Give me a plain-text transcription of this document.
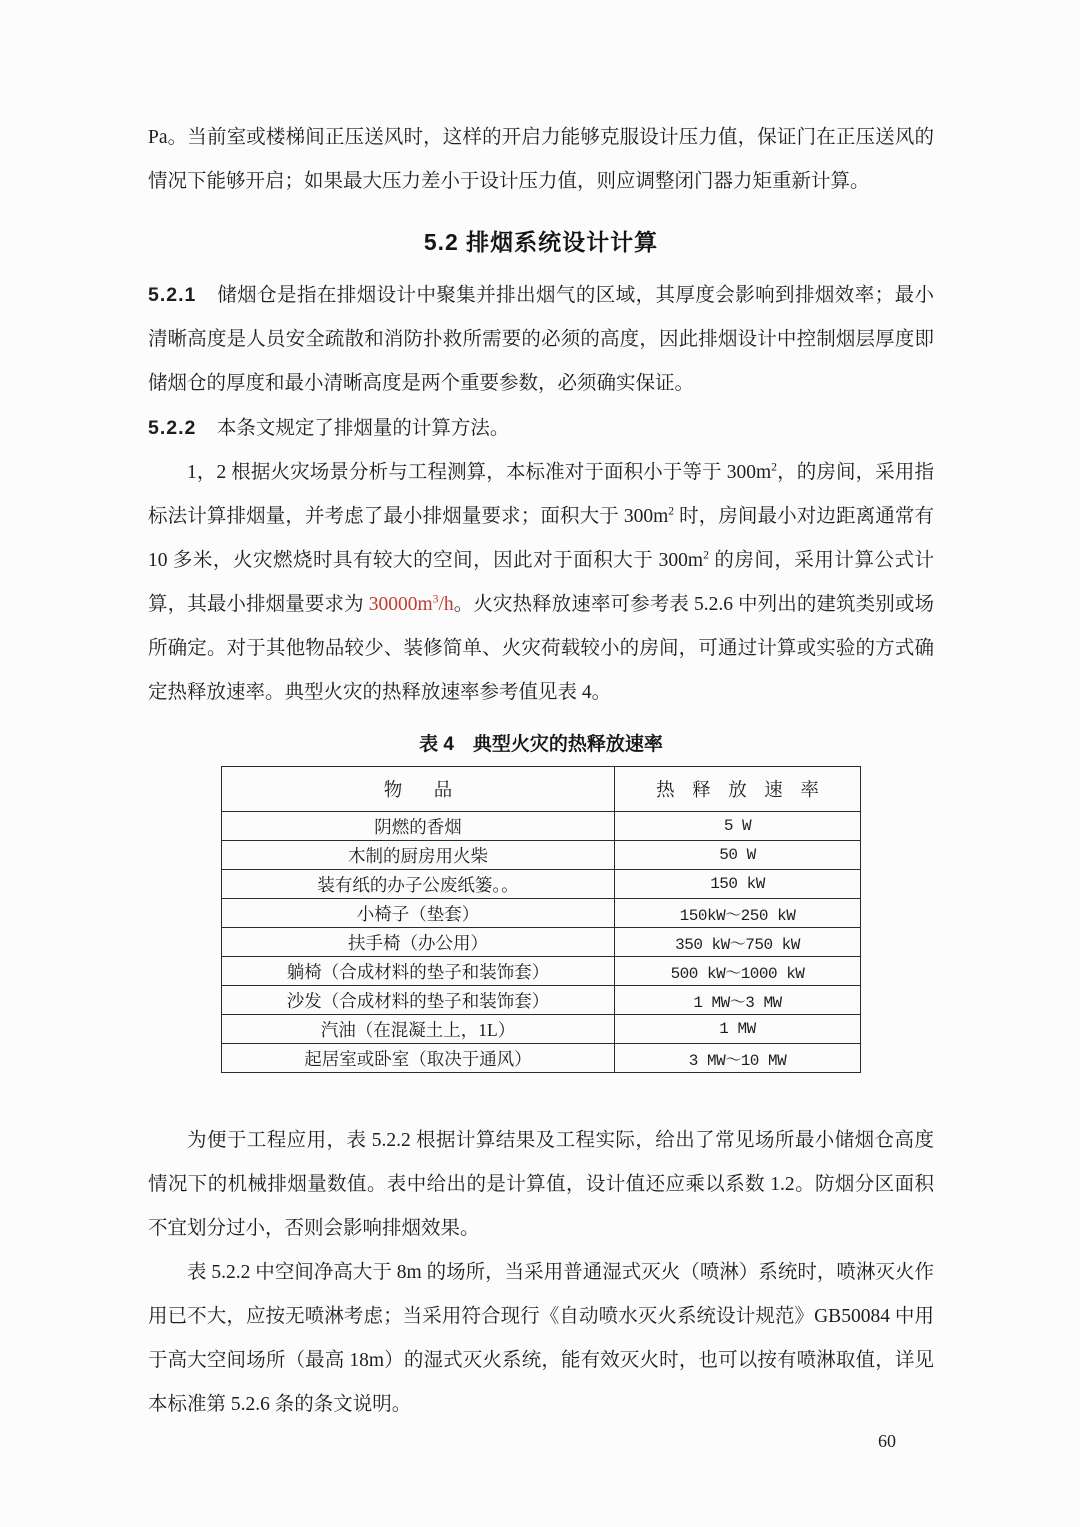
Pa。当前室或楼梯间正压送风时，这样的开启力能够克服设计压力值，保证门在正压送风的情况下能够开启；如果最大压力差小于设计压力值，则应调整闭门器力矩重新计算。

5.2 排烟系统设计计算

5.2.1 储烟仓是指在排烟设计中聚集并排出烟气的区域，其厚度会影响到排烟效率；最小清晰高度是人员安全疏散和消防扑救所需要的必须的高度，因此排烟设计中控制烟层厚度即储烟仓的厚度和最小清晰高度是两个重要参数，必须确实保证。

5.2.2 本条文规定了排烟量的计算方法。

1，2 根据火灾场景分析与工程测算，本标准对于面积小于等于 $300m^2$，的房间，采用指标法计算排烟量，并考虑了最小排烟量要求；面积大于 $300m^2$ 时，房间最小对边距离通常有 10 多米，火灾燃烧时具有较大的空间，因此对于面积大于 $300m^2$ 的房间，采用计算公式计算，其最小排烟量要求为 $30000m^3/h$。火灾热释放速率可参考表 5.2.6 中列出的建筑类别或场所确定。对于其他物品较少、装修简单、火灾荷载较小的房间，可通过计算或实验的方式确定热释放速率。典型火灾的热释放速率参考值见表 4。

表 4　典型火灾的热释放速率
物　品	热 释 放 速 率
阴燃的香烟	5 W
木制的厨房用火柴	50 W
装有纸的办子公废纸篓。。	150 kW
小椅子（垫套）	150kW～250 kW
扶手椅（办公用）	350 kW～750 kW
躺椅（合成材料的垫子和装饰套）	500 kW～1000 kW
沙发（合成材料的垫子和装饰套）	1 MW～3 MW
汽油（在混凝土上，1L）	1 MW
起居室或卧室（取决于通风）	3 MW～10 MW

为便于工程应用，表 5.2.2 根据计算结果及工程实际，给出了常见场所最小储烟仓高度情况下的机械排烟量数值。表中给出的是计算值，设计值还应乘以系数 1.2。防烟分区面积不宜划分过小，否则会影响排烟效果。

表 5.2.2 中空间净高大于 8m 的场所，当采用普通湿式灭火（喷淋）系统时，喷淋灭火作用已不大，应按无喷淋考虑；当采用符合现行《自动喷水灭火系统设计规范》GB50084 中用于高大空间场所（最高 18m）的湿式灭火系统，能有效灭火时，也可以按有喷淋取值，详见本标准第 5.2.6 条的条文说明。

60
